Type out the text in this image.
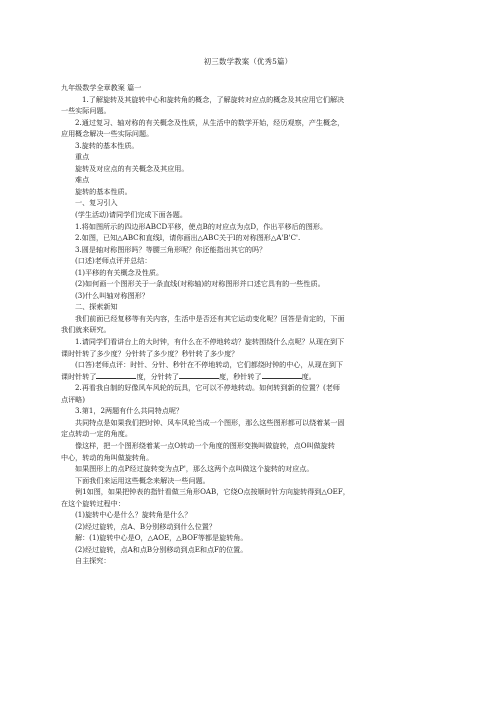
初三数学教案（优秀5篇）
九年级数学全章教案 篇一
1.了解旋转及其旋转中心和旋转角的概念，了解旋转对应点的概念及其应用它们解决
一些实际问题。
2.通过复习、轴对称的有关概念及性质，从生活中的数学开始，经历观察，产生概念，
应用概念解决一些实际问题。
3.旋转的基本性质。
重点
旋转及对应点的有关概念及其应用。
难点
旋转的基本性质。
一、复习引入
(学生活动)请同学们完成下面各题。
1.将如图所示的四边形ABCD平移，使点B的对应点为点D，作出平移后的图形。
2.如图，已知△ABC和直线l，请你画出△ABC关于l的对称图形△A'B'C'.
3.圆是轴对称图形吗？等腰三角形呢？你还能指出其它的吗？
(口述)老师点评并总结：
(1)平移的有关概念及性质。
(2)如何画一个图形关于一条直线(对称轴)的对称图形并口述它具有的一些性质。
(3)什么叫轴对称图形？
二、探索新知
我们前面已经复移等有关内容，生活中是否还有其它运动变化呢？回答是肯定的，下面
我们就来研究。
1.请同学们看讲台上的大时钟，有什么在不停地转动？旋转围绕什么点呢？从现在到下
课时针转了多少度？分针转了多少度？秒针转了多少度？
(口答)老师点评：时针、分针、秒针在不停地转动，它们都绕时钟的中心，从现在到下
课时针转了	度，分针转了	度，秒针转了	度。
2.再看我自制的好像风车风轮的玩具，它可以不停地转动。如何转到新的位置？(老师
点评略)
3.第1，2两题有什么共同特点呢？
共同特点是如果我们把时钟、风车风轮当成一个图形，那么这些图形都可以绕着某一固
定点转动一定的角度。
像这样，把一个图形绕着某一点O转动一个角度的图形变换叫做旋转，点O叫做旋转
中心，转动的角叫做旋转角。
如果图形上的点P经过旋转变为点P'，那么这两个点叫做这个旋转的对应点。
下面我们来运用这些概念来解决一些问题。
例1如图，如果把钟表的指针看做三角形OAB，它绕O点按顺时针方向旋转得到△OEF，
在这个旋转过程中：
(1)旋转中心是什么？旋转角是什么？
(2)经过旋转，点A、B分别移动到什么位置？
解：(1)旋转中心是O，△AOE，△BOF等都是旋转角。
(2)经过旋转，点A和点B分别移动到点E和点F的位置。
自主探究：
